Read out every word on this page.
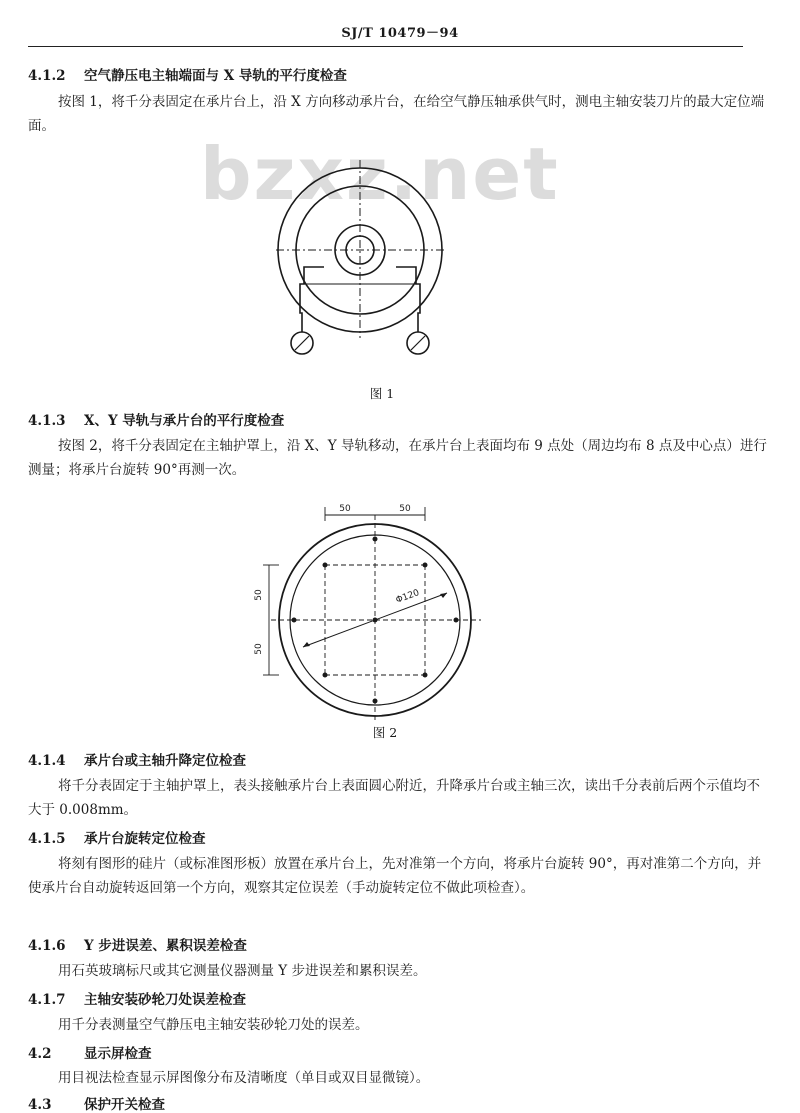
SJ/T 10479－94
bzxz.net
4.1.2 空气静压电主轴端面与 X 导轨的平行度检查
按图 1，将千分表固定在承片台上，沿 X 方向移动承片台，在给空气静压轴承供气时，测电主轴安装刀片的最大定位端面。
图 1
4.1.3 X、Y 导轨与承片台的平行度检查
按图 2，将千分表固定在主轴护罩上，沿 X、Y 导轨移动，在承片台上表面均布 9 点处（周边均布 8 点及中心点）进行测量；将承片台旋转 90°再测一次。
50	50
50
50
Φ120
图 2
4.1.4 承片台或主轴升降定位检查
将千分表固定于主轴护罩上，表头接触承片台上表面圆心附近，升降承片台或主轴三次，读出千分表前后两个示值均不大于 0.008mm。
4.1.5 承片台旋转定位检查
将刻有图形的硅片（或标准图形板）放置在承片台上，先对准第一个方向，将承片台旋转 90°，再对准第二个方向，并使承片台自动旋转返回第一个方向，观察其定位误差（手动旋转定位不做此项检查）。
4.1.6 Y 步进误差、累积误差检查
用石英玻璃标尺或其它测量仪器测量 Y 步进误差和累积误差。
4.1.7 主轴安装砂轮刀处误差检查
用千分表测量空气静压电主轴安装砂轮刀处的误差。
4.2 显示屏检查
用目视法检查显示屏图像分布及清晰度（单目或双目显微镜）。
4.3 保护开关检查
